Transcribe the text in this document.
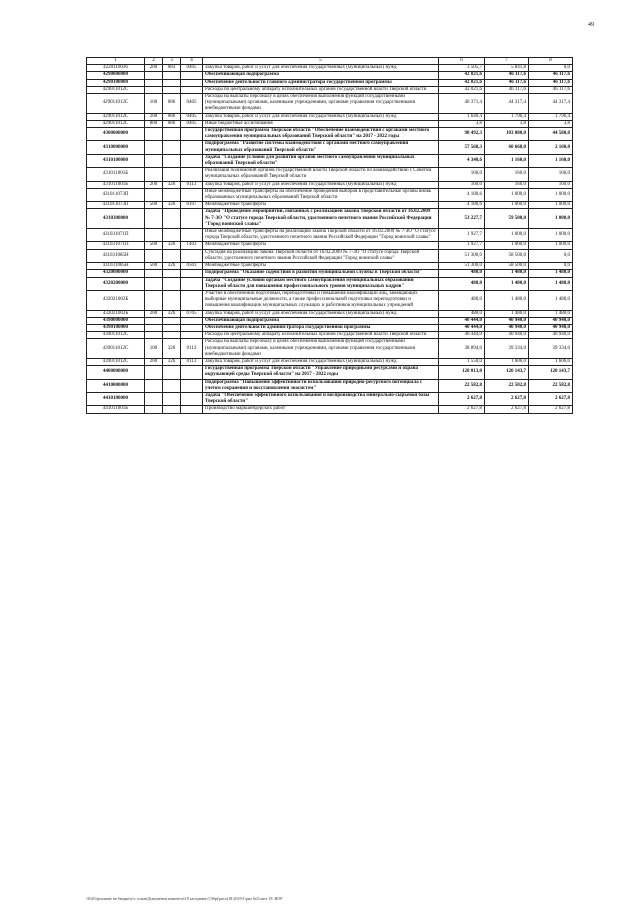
49
1	2	3	4	5	6	7	8
4220110036	200	083	0405	Закупка товаров, работ и услуг для обеспечения государственных (муниципальных) нужд	3 505,7	5 841,8	0,0
4290000000				Обеспечивающая подпрограмма	42 021,6	46 117,6	46 117,6
4290100000				Обеспечение деятельности главного администратора государственной программы	42 021,6	46 117,6	46 117,6
429011012С				Расходы по центральному аппарату исполнительных органов государственной власти Тверской области	42 021,6	46 117,6	46 117,6
429011012С	100	086	0405	Расходы на выплаты персоналу в целях обеспечения выполнения функций государственными (муниципальными) органами, казенными учреждениями, органами управления государственными внебюджетными фондами	40 371,4	44 317,4	44 317,4
429011012С	200	086	0405	Закупка товаров, работ и услуг для обеспечения государственных (муниципальных) нужд	1 646,4	1 796,4	1 796,4
429011012С	800	086	0405	Иные бюджетные ассигнования	3,8	3,8	3,8
4300000000				Государственная программа Тверской области "Обеспечение взаимодействия с органами местного самоуправления муниципальных образований Тверской области" на 2017 - 2022 годы	98 492,3	103 080,0	44 580,0
4310000000				Подпрограмма "Развитие системы взаимодействия с органами местного самоуправления муниципальных образований Тверской области"	57 568,3	60 668,0	2 160,0
4310100000				Задача "Создание условий для развития органов местного самоуправления муниципальных образований Тверской области"	4 340,6	1 160,0	1 160,0
431011001Б				Реализация полномочий органов государственной власти Тверской области по взаимодействию с Советом муниципальных образований Тверской области	160,0	160,0	160,0
431011001Б	200	326	0113	Закупка товаров, работ и услуг для обеспечения государственных (муниципальных) нужд	160,0	160,0	160,0
431011073П				Иные межбюджетные трансферты на обеспечение проведения выборов в представительные органы вновь образованных муниципальных образований Тверской области	4 180,6	1 000,0	1 000,0
431011073П	500	326	0107	Межбюджетные трансферты	4 180,6	1 000,0	1 000,0
4310300000				Задача "Проведение мероприятий, связанных с реализацией закона Тверской области от 16.02.2009 № 7-ЗО "О статусе города Тверской области, удостоенного почетного звания Российской Федерации "Город воинской славы"	53 227,7	59 500,0	1 000,0
431031071П				Иные межбюджетные трансферты на реализацию закона Тверской области от 16.02.2009 № 7-ЗО "О статусе города Тверской области, удостоенного почетного звания Российской Федерации "Город воинской славы"	1 927,7	1 000,0	1 000,0
431031071П	500	326	1403	Межбюджетные трансферты	1 927,7	1 000,0	1 000,0
431031085Н				Субсидия на реализацию закона Тверской области от 16.02.2009 № 7-ЗО "О статусе города Тверской области, удостоенного почетного звания Российской Федерации "Город воинской славы"	51 300,0	58 500,0	0,0
431031085Н	500	326	0503	Межбюджетные трансферты	51 300,0	58 500,0	0,0
4320000000				Подпрограмма "Оказание содействия в развитии муниципальной службы в Тверской области"	480,0	1 480,0	1 480,0
4320200000				Задача "Создание условий органам местного самоуправления муниципальных образований Тверской области для повышения профессионального уровня муниципальных кадров"	480,0	1 480,0	1 480,0
432021002Б				Участие в обеспечении подготовки, переподготовки и повышения квалификации лиц, замещающих выборные муниципальные должности, а также профессиональной подготовки переподготовки и повышения квалификации муниципальных служащих и работников муниципальных учреждений	480,0	1 480,0	1 480,0
432021002Б	200	326	0705	Закупка товаров, работ и услуг для обеспечения государственных (муниципальных) нужд	480,0	1 480,0	1 480,0
4390000000				Обеспечивающая подпрограмма	40 444,0	40 940,0	40 940,0
4390100000				Обеспечение деятельности администратора государственной программы	40 444,0	40 940,0	40 940,0
439011012С				Расходы по центральному аппарату исполнительных органов государственной власти Тверской области	40 444,0	40 940,0	40 940,0
439011012С	100	326	0113	Расходы на выплаты персоналу в целях обеспечения выполнения функций государственными (муниципальными) органами, казенными учреждениями, органами управления государственными внебюджетными фондами	38 894,0	39 334,0	39 334,0
439011012С	200	326	0113	Закупка товаров, работ и услуг для обеспечения государственных (муниципальных) нужд	1 550,0	1 606,0	1 606,0
4400000000				Государственная программа Тверской области "Управление природными ресурсами и охрана окружающей среды Тверской области" на 2017 - 2022 годы	120 013,0	120 143,7	120 143,7
4410000000				Подпрограмма "Повышение эффективности использования природно-ресурсного потенциала с учетом сохранения и восстановления экосистем"	22 582,8	22 582,8	22 582,8
4410100000				Задача "Обеспечение эффективного использования и воспроизводства минерально-сырьевой базы Тверской области"	2 627,8	2 627,8	2 627,8
441011001Б				Производство маркшейдерских работ	2 627,8	2 627,8	2 627,8
\\Fs01\реализат на бюджету\с созыв\Документы комитета\18 заседание (13бр)\расх(18-2019\1\рил №3\лист 18 .HOP
